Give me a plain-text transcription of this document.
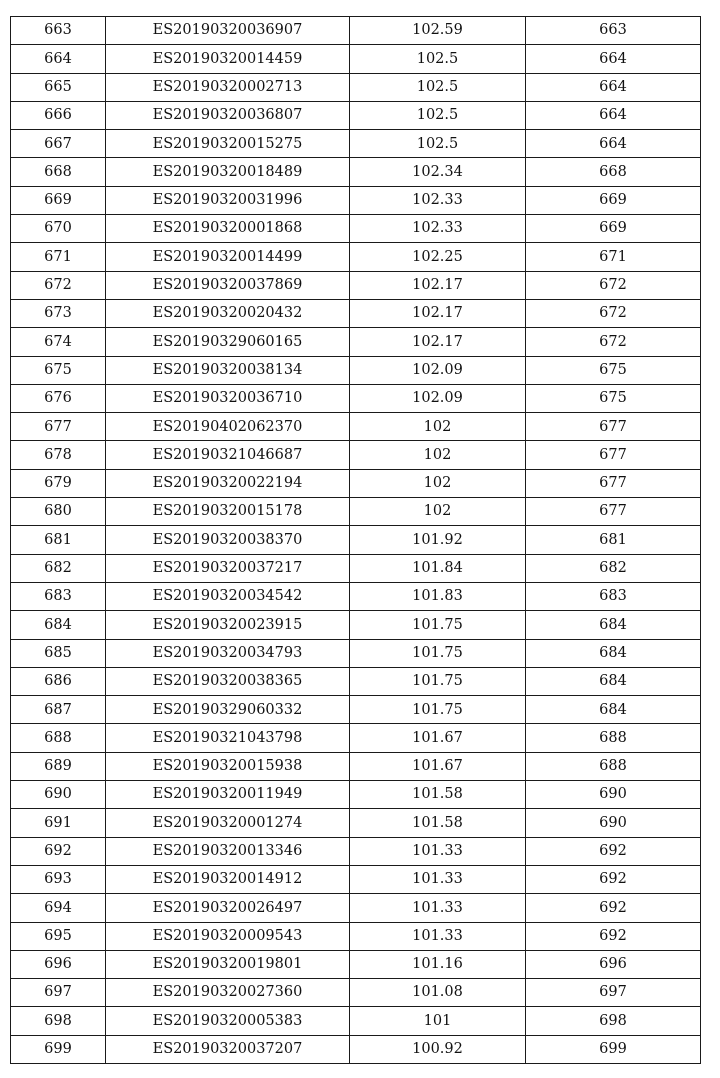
663	ES20190320036907	102.59	663
664	ES20190320014459	102.5	664
665	ES20190320002713	102.5	664
666	ES20190320036807	102.5	664
667	ES20190320015275	102.5	664
668	ES20190320018489	102.34	668
669	ES20190320031996	102.33	669
670	ES20190320001868	102.33	669
671	ES20190320014499	102.25	671
672	ES20190320037869	102.17	672
673	ES20190320020432	102.17	672
674	ES20190329060165	102.17	672
675	ES20190320038134	102.09	675
676	ES20190320036710	102.09	675
677	ES20190402062370	102	677
678	ES20190321046687	102	677
679	ES20190320022194	102	677
680	ES20190320015178	102	677
681	ES20190320038370	101.92	681
682	ES20190320037217	101.84	682
683	ES20190320034542	101.83	683
684	ES20190320023915	101.75	684
685	ES20190320034793	101.75	684
686	ES20190320038365	101.75	684
687	ES20190329060332	101.75	684
688	ES20190321043798	101.67	688
689	ES20190320015938	101.67	688
690	ES20190320011949	101.58	690
691	ES20190320001274	101.58	690
692	ES20190320013346	101.33	692
693	ES20190320014912	101.33	692
694	ES20190320026497	101.33	692
695	ES20190320009543	101.33	692
696	ES20190320019801	101.16	696
697	ES20190320027360	101.08	697
698	ES20190320005383	101	698
699	ES20190320037207	100.92	699
